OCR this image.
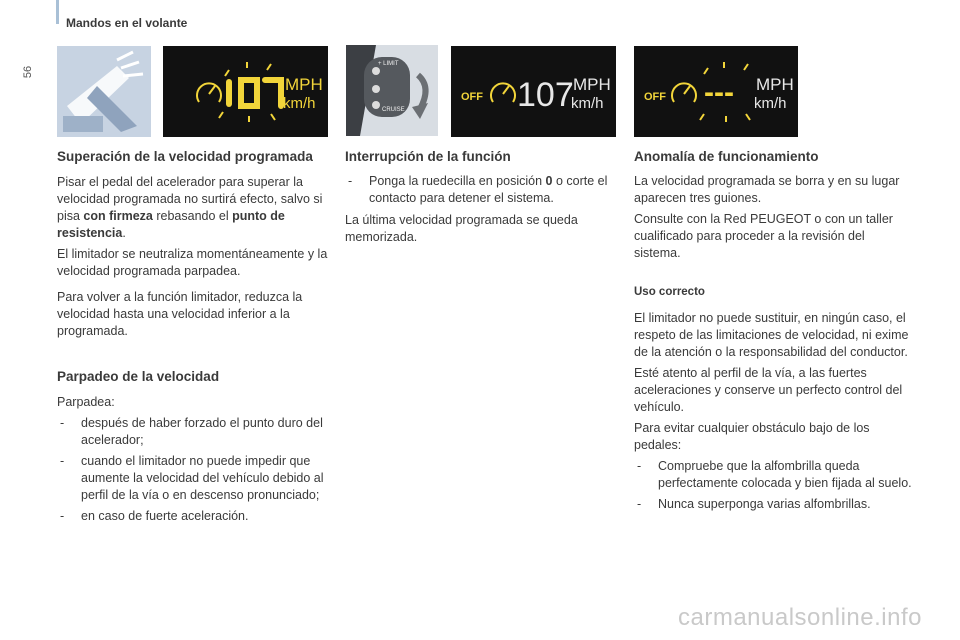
Mandos en el volante
56
MPH
km/h
+ LIMIT
CRUISE
OFF 107 MPH
km/h	OFF --- MPH
km/h
Superación de la velocidad programada

Pisar el pedal del acelerador para superar la velocidad programada no surtirá efecto, salvo si pisa con firmeza rebasando el punto de resistencia.

El limitador se neutraliza momentáneamente y la velocidad programada parpadea.

Para volver a la función limitador, reduzca la velocidad hasta una velocidad inferior a la programada.

Parpadeo de la velocidad

Parpadea:

- después de haber forzado el punto duro del acelerador;

- cuando el limitador no puede impedir que aumente la velocidad del vehículo debido al perfil de la vía o en descenso pronunciado;

- en caso de fuerte aceleración.

Interrupción de la función

- Ponga la ruedecilla en posición 0 o corte el contacto para detener el sistema.

La última velocidad programada se queda memorizada.

Anomalía de funcionamiento

La velocidad programada se borra y en su lugar aparecen tres guiones.

Consulte con la Red PEUGEOT o con un taller cualificado para proceder a la revisión del sistema.

Uso correcto

El limitador no puede sustituir, en ningún caso, el respeto de las limitaciones de velocidad, ni exime de la atención o la responsabilidad del conductor.

Esté atento al perfil de la vía, a las fuertes aceleraciones y conserve un perfecto control del vehículo.

Para evitar cualquier obstáculo bajo de los pedales:

- Compruebe que la alfombrilla queda perfectamente colocada y bien fijada al suelo.

- Nunca superponga varias alfombrillas.

carmanualsonline.info
